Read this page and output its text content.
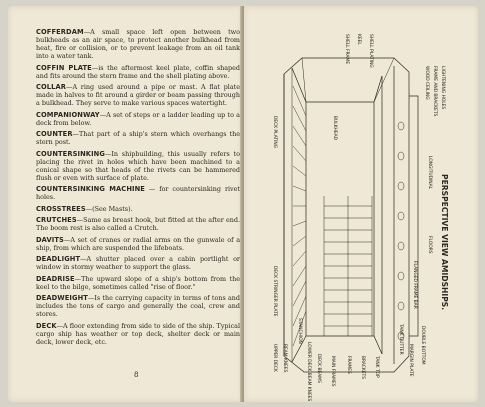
COFFERDAM—A small space left open between two bulkheads as an air space, to protect another bulkhead from heat, fire or collision, or to prevent leakage from an oil tank into a water tank.

COFFIN PLATE—is the aftermost keel plate, coffin shaped and fits around the stern frame and the shell plating above.

COLLAR—A ring used around a pipe or mast. A flat plate made in halves to fit around a girder or beam passing through a bulkhead. They serve to make various spaces watertight.

COMPANIONWAY—A set of steps or a ladder leading up to a deck from below.

COUNTER—That part of a ship's stern which overhangs the stern post.

COUNTERSINKING—In shipbuilding, this usually refers to placing the rivet in holes which have been machined to a conical shape so that heads of the rivets can be hammered flush or even with surface of plate.

COUNTERSINKING MACHINE — for countersinking rivet holes.

CROSSTREES—(See Masts).

CRUTCHES—Same as breast hook, but fitted at the after end. The boom rest is also called a Crutch.

DAVITS—A set of cranes or radial arms on the gunwale of a ship, from which are suspended the lifeboats.

DEADLIGHT—A shutter placed over a cabin portlight or window in stormy weather to support the glass.

DEADRISE—The upward slope of a ship's bottom from the keel to the bilge, sometimes called "rise of floor."

DEADWEIGHT—Is the carrying capacity in terms of tons and includes the tons of cargo and generally the coal, crew and stores.

DECK—A floor extending from side to side of the ship. Typical cargo ship has weather or top deck, shelter deck or main deck, lower deck, etc.

8
SHELL FRAME KEEL SHELL PLATING
WOOD CEILING FRAME AND BRACKETS LIGHTENING HOLES
LONGITUDINAL
FLOORS
FLANGED FRAME BAR
DECK PLATING	BULKHEAD
DECK STRINGER PLATE
UPPER DECK BEAM KNEES	LOWER DECK BEAM KNEES DECK BEAMS MAIN FRAMES
STANCHION
FRAMES BRACKETS TANK TOP
TANK GUTTER
MARGIN PLATE DOUBLE BOTTOM
PERSPECTIVE VIEW AMIDSHIPS.
